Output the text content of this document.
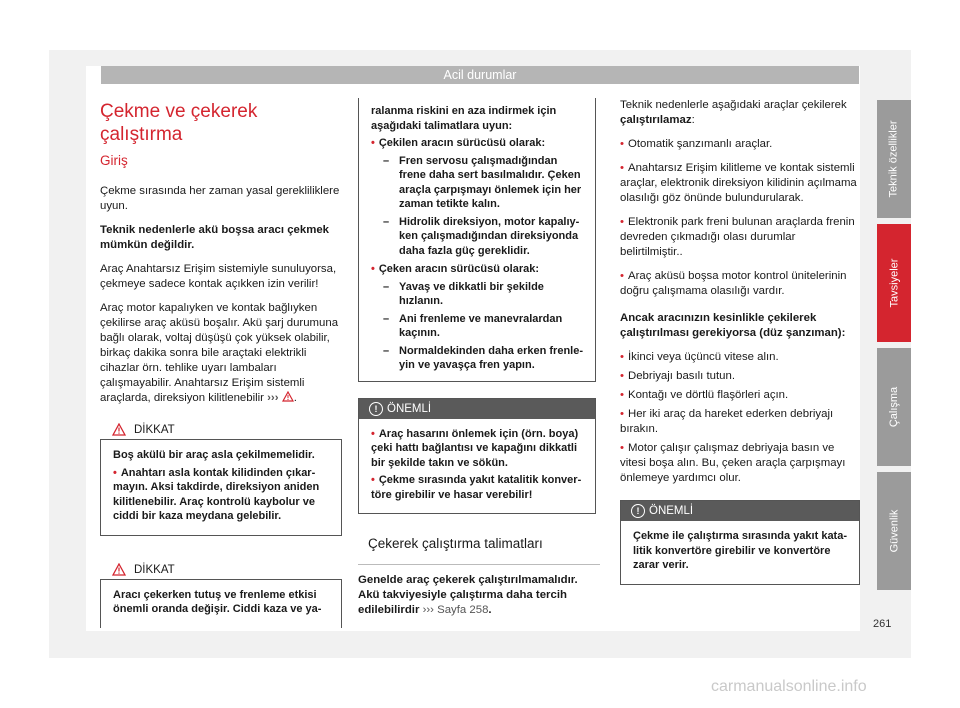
Acil durumlar
Çekme ve çekerek çalıştırma
Giriş

Çekme sırasında her zaman yasal gerekliliklere uyun.

Teknik nedenlerle akü boşsa aracı çekmek mümkün değildir.

Araç Anahtarsız Erişim sistemiyle sunuluyorsa, çekmeye sadece kontak açıkken izin verilir!

Araç motor kapalıyken ve kontak bağlıyken çekilirse araç aküsü boşalır. Akü şarj durumuna bağlı olarak, voltaj düşüşü çok yüksek olabilir, birkaç dakika sonra bile araçtaki elektrikli cihazlar örn. tehlike uyarı lambaları çalışmayabilir. Anahtarsız Erişim sistemli araçlarda, direksiyon kilitlenebilir ››› .

DİKKAT

Boş akülü bir araç asla çekilmemelidir.

• Anahtarı asla kontak kilidinden çıkarmayın. Aksi takdirde, direksiyon aniden kilitlenebilir. Araç kontrolü kaybolur ve ciddi bir kaza meydana gelebilir.

DİKKAT

Aracı çekerken tutuş ve frenleme etkisi önemli oranda değişir. Ciddi kaza ve ya-

ralanma riskini en aza indirmek için aşağıdaki talimatlara uyun:

• Çekilen aracın sürücüsü olarak:

– Fren servosu çalışmadığından frene daha sert basılmalıdır. Çeken araçla çarpışmayı önlemek için her zaman tetikte kalın.
– Hidrolik direksiyon, motor kapalıyken çalışmadığından direksiyonda daha fazla güç gereklidir.

• Çeken aracın sürücüsü olarak:

– Yavaş ve dikkatli bir şekilde hızlanın.
– Ani frenleme ve manevralardan kaçının.
– Normaldekinden daha erken frenleyin ve yavaşça fren yapın.
! ÖNEMLİ

• Araç hasarını önlemek için (örn. boya) çeki hattı bağlantısı ve kapağını dikkatli bir şekilde takın ve sökün.

• Çekme sırasında yakıt katalitik konvertöre girebilir ve hasar verebilir!

Çekerek çalıştırma talimatları

Genelde araç çekerek çalıştırılmamalıdır. Akü takviyesiyle çalıştırma daha tercih edilebilirdir ››› Sayfa 258.

Teknik nedenlerle aşağıdaki araçlar çekilerek çalıştırılamaz:

• Otomatik şanzımanlı araçlar.

• Anahtarsız Erişim kilitleme ve kontak sistemli araçlar, elektronik direksiyon kilidinin açılmama olasılığı göz önünde bulundurularak.

• Elektronik park freni bulunan araçlarda frenin devreden çıkmadığı olası durumlar belirtilmiştir..

• Araç aküsü boşsa motor kontrol ünitelerinin doğru çalışmama olasılığı vardır.

Ancak aracınızın kesinlikle çekilerek çalıştırılması gerekiyorsa (düz şanzıman):

• İkinci veya üçüncü vitese alın.

• Debriyajı basılı tutun.

• Kontağı ve dörtlü flaşörleri açın.

• Her iki araç da hareket ederken debriyajı bırakın.

• Motor çalışır çalışmaz debriyaja basın ve vitesi boşa alın. Bu, çeken araçla çarpışmayı önlemeye yardımcı olur.

! ÖNEMLİ

Çekme ile çalıştırma sırasında yakıt katalitik konvertöre girebilir ve konvertöre zarar verir.

Teknik özellikler
Tavsiyeler
Çalışma
Güvenlik
261
carmanualsonline.info
